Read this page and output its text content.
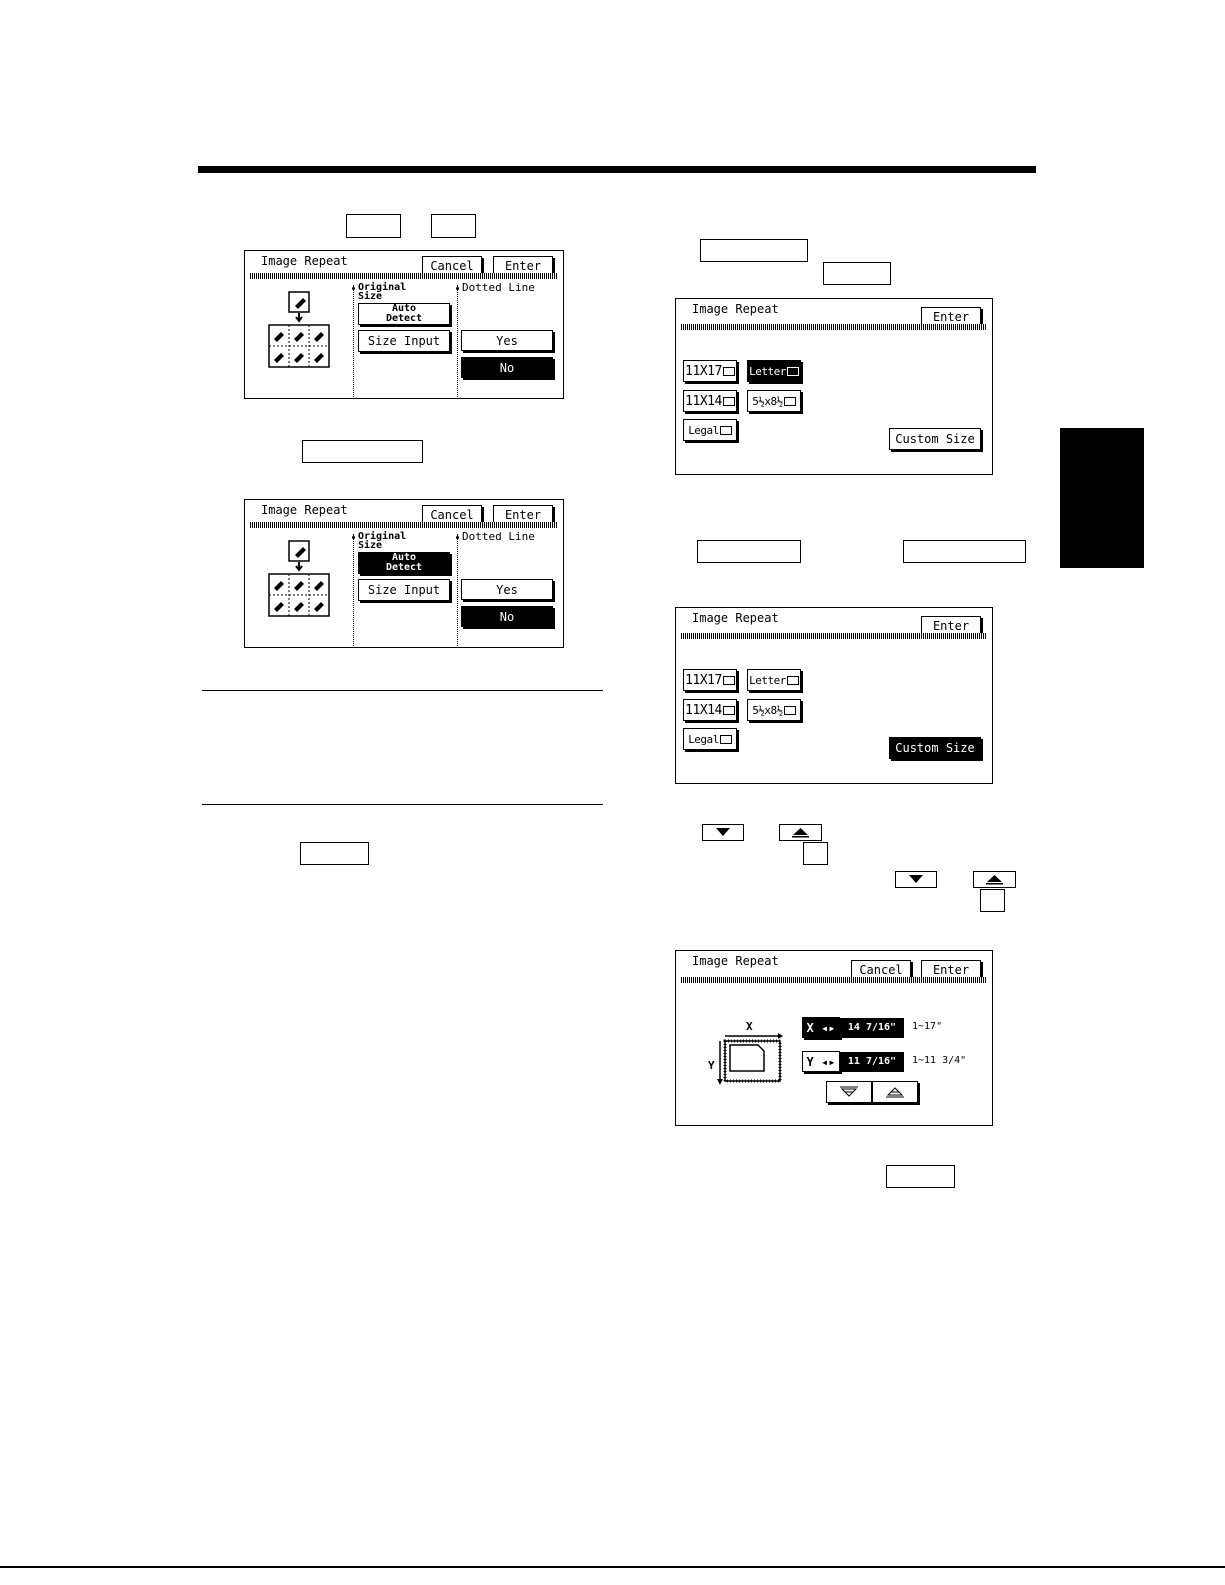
Image Repeat	Cancel	Enter
Original
Size
Dotted Line
Auto
Detect
Size Input	Yes
No
Image Repeat	Cancel	Enter
Original
Size
Dotted Line
Auto
Detect
Size Input	Yes
No
Image Repeat
Enter
11X17 Letter
11X14	5½x8½
Legal
Custom Size
Image Repeat
Enter
11X17 Letter
11X14	5½x8½
Legal
Custom Size
Image Repeat
Cancel	Enter
X
Y
X ◂▸	14 7/16"	1~17"
Y ◂▸	11 7/16"	1~11 3/4"
